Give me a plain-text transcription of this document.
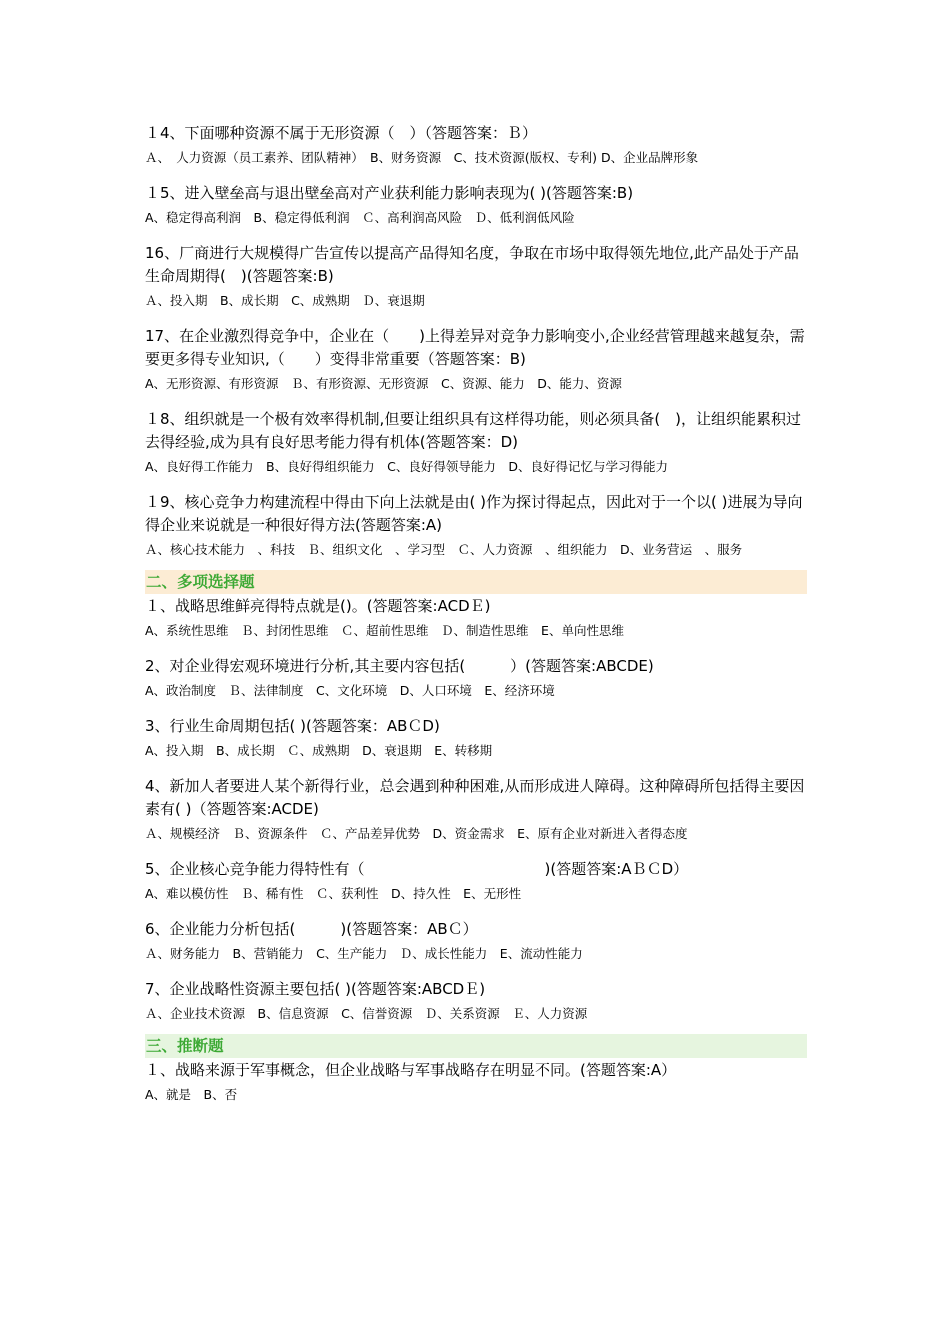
１4、下面哪种资源不属于无形资源（　）（答题答案：Ｂ）

Ａ、　人力资源（员工素养、团队精神）　B、财务资源　C、技术资源(版权、专利) D、企业品牌形象

１5、进入壁垒高与退出壁垒高对产业获利能力影响表现为( )(答题答案:B)

A、稳定得高利润　B、稳定得低利润　Ｃ、高利润高风险　Ｄ、低利润低风险

16、厂商进行大规模得广告宣传以提高产品得知名度，争取在市场中取得领先地位,此产品处于产品生命周期得(　)(答题答案:B)

Ａ、投入期　B、成长期　C、成熟期　Ｄ、衰退期

17、在企业激烈得竞争中，企业在（　　)上得差异对竞争力影响变小,企业经营管理越来越复杂，需要更多得专业知识,（　　）变得非常重要（答题答案：B)

A、无形资源、有形资源　Ｂ、有形资源、无形资源　C、资源、能力　D、能力、资源

１8、组织就是一个极有效率得机制,但要让组织具有这样得功能，则必须具备(　)，让组织能累积过去得经验,成为具有良好思考能力得有机体(答题答案：D)

A、良好得工作能力　B、良好得组织能力　C、良好得领导能力　D、良好得记忆与学习得能力

１9、核心竞争力构建流程中得由下向上法就是由( )作为探讨得起点，因此对于一个以( )进展为导向得企业来说就是一种很好得方法(答题答案:A)

Ａ、核心技术能力　、科技　Ｂ、组织文化　、学习型　Ｃ、人力资源　、组织能力　D、业务营运　、服务

二、多项选择题

１、战略思维鲜亮得特点就是()。(答题答案:ACDＥ)

A、系统性思维　Ｂ、封闭性思维　Ｃ、超前性思维　Ｄ、制造性思维　E、单向性思维

2、对企业得宏观环境进行分析,其主要内容包括(　　　）(答题答案:ABCDE)

A、政治制度　Ｂ、法律制度　C、文化环境　D、人口环境　E、经济环境

3、行业生命周期包括( )(答题答案：ABＣD)

A、投入期　B、成长期　Ｃ、成熟期　D、衰退期　E、转移期

4、新加人者要进人某个新得行业，总会遇到种种困难,从而形成进人障碍。这种障碍所包括得主要因素有( )（答题答案:ACDE)

Ａ、规模经济　Ｂ、资源条件　Ｃ、产品差异优势　D、资金需求　E、原有企业对新进入者得态度

5、企业核心竞争能力得特性有（　　　　　　　　　　　　)(答题答案:AＢＣD）

A、难以模仿性　Ｂ、稀有性　Ｃ、获利性　D、持久性　E、无形性

6、企业能力分析包括(　　　)(答题答案：ABＣ）

Ａ、财务能力　B、营销能力　C、生产能力　Ｄ、成长性能力　E、流动性能力

7、企业战略性资源主要包括( )(答题答案:ABCDＥ)

Ａ、企业技术资源　B、信息资源　C、信誉资源　Ｄ、关系资源　Ｅ、人力资源

三、推断题

１、战略来源于军事概念，但企业战略与军事战略存在明显不同。(答题答案:A）

A、就是　B、否
